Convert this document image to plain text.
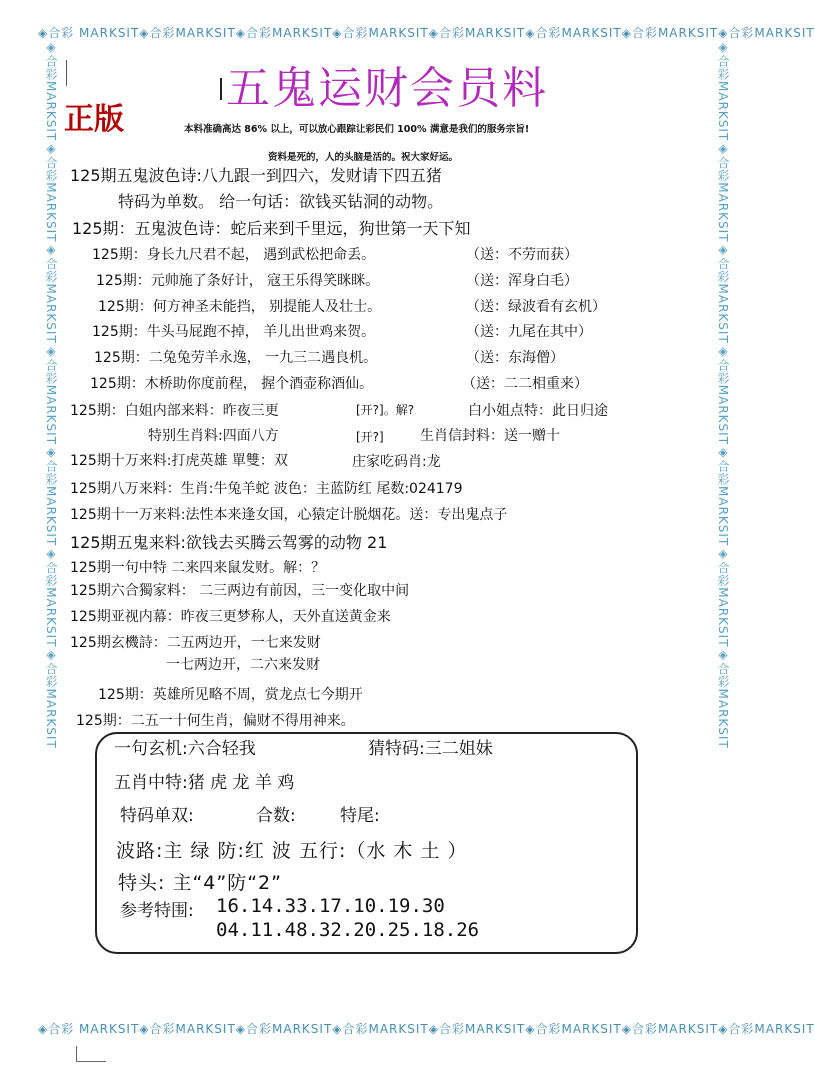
◈合彩 MARKSIT◈合彩MARKSIT◈合彩MARKSIT◈合彩MARKSIT◈合彩MARKSIT◈合彩MARKSIT◈合彩MARKSIT◈合彩MARKSIT
◈合彩 MARKSIT◈合彩MARKSIT◈合彩MARKSIT◈合彩MARKSIT◈合彩MARKSIT◈合彩MARKSIT◈合彩MARKSIT◈合彩MARKSIT
◈合彩MARKSIT◈合彩MARKSIT◈合彩MARKSIT◈合彩MARKSIT◈合彩MARKSIT◈合彩MARKSIT◈合彩MARKSIT	◈合彩MARKSIT◈合彩MARKSIT◈合彩MARKSIT◈合彩MARKSIT◈合彩MARKSIT◈合彩MARKSIT◈合彩MARKSIT
五鬼运财会员料
正版	本料准确高达 86% 以上，可以放心跟踪让彩民们 100% 满意是我们的服务宗旨!
资料是死的，人的头脑是活的。祝大家好运。
125期五鬼波色诗:八九跟一到四六，发财请下四五猪
特码为单数。 给一句话：欲钱买钻洞的动物。
125期：五鬼波色诗：蛇后来到千里远，狗世第一天下知
125期：身长九尺君不起， 遇到武松把命丢。	（送：不劳而获）
125期：元帅施了条好计， 寇王乐得笑眯眯。	（送：浑身白毛）
125期：何方神圣未能挡， 别提能人及壮士。	（送：绿波看有玄机）
125期：牛头马屁跑不掉， 羊儿出世鸡来贺。	（送：九尾在其中）
125期：二兔兔劳羊永逸， 一九三二遇良机。	（送：东海僧）
125期：木桥助你度前程， 握个酒壶称酒仙。	（送：二二相重来）
125期：白姐内部来料：昨夜三更	[开?]。解?	白小姐点特：此日归途
特别生肖料:四面八方	[开?]	生肖信封料：送一赠十
125期十万来料:打虎英雄 單雙：双	庄家吃码肖:龙
125期八万来料：生肖:牛兔羊蛇 波色：主蓝防红 尾数:024179
125期十一万来料:法性本来逢女国，心猿定计脱烟花。送：专出鬼点子
125期五鬼来料:欲钱去买腾云驾雾的动物 21
125期一句中特 二来四来鼠发财。解：？
125期六合獨家料： 二三两边有前因，三一变化取中间
125期亚视内幕：昨夜三更梦称人，天外直送黄金来
125期玄機詩：二五两边开，一七来发财
一七两边开，二六来发财
125期：英雄所见略不周，赏龙点七今期开
125期：二五一十何生肖，偏财不得用神来。
一句玄机:六合轻我	猜特码:三二姐妹
五肖中特:猪 虎 龙 羊 鸡
特码单双:	合数:	特尾:
波路:主 绿 防:红 波 五行:（水 木 土 ）
特头: 主“4”防“2”
参考特围: 16.14.33.17.10.19.30
04.11.48.32.20.25.18.26
